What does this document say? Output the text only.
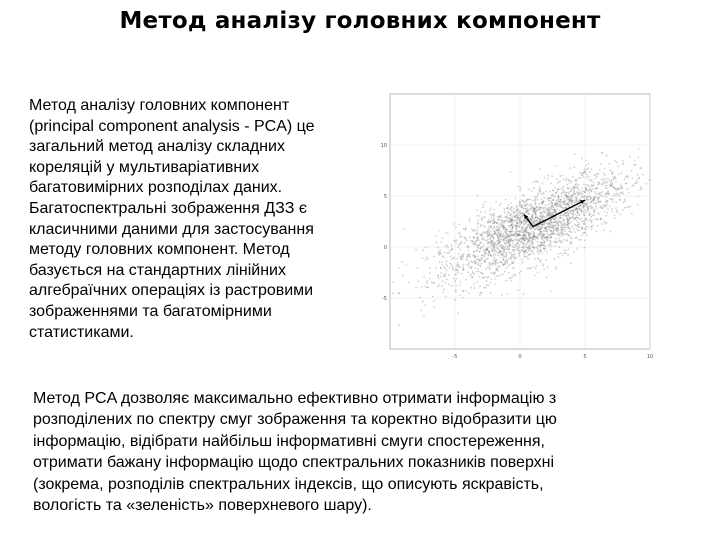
Метод аналізу головних компонент
Метод аналізу головних компонент
(principal component analysis - PCA) це
загальний метод аналізу складних
кореляцій у мультиваріативних
багатовимірних розподілах даних.
Багатоспектральні зображення ДЗЗ є
класичними даними для застосування
методу головних компонент. Метод
базується на стандартних лінійних
алгебраїчних операціях із растровими
зображеннями та багатомірними
статистиками.
-5	0	5	10
10
5
0
-5
Метод PCA дозволяє максимально ефективно отримати інформацію з
розподілених по спектру смуг зображення та коректно відобразити цю
інформацію, відібрати найбільш інформативні смуги спостереження,
отримати бажану інформацію щодо спектральних показників поверхні
(зокрема, розподілів спектральних індексів, що описують яскравість,
вологість та «зеленість» поверхневого шару).
